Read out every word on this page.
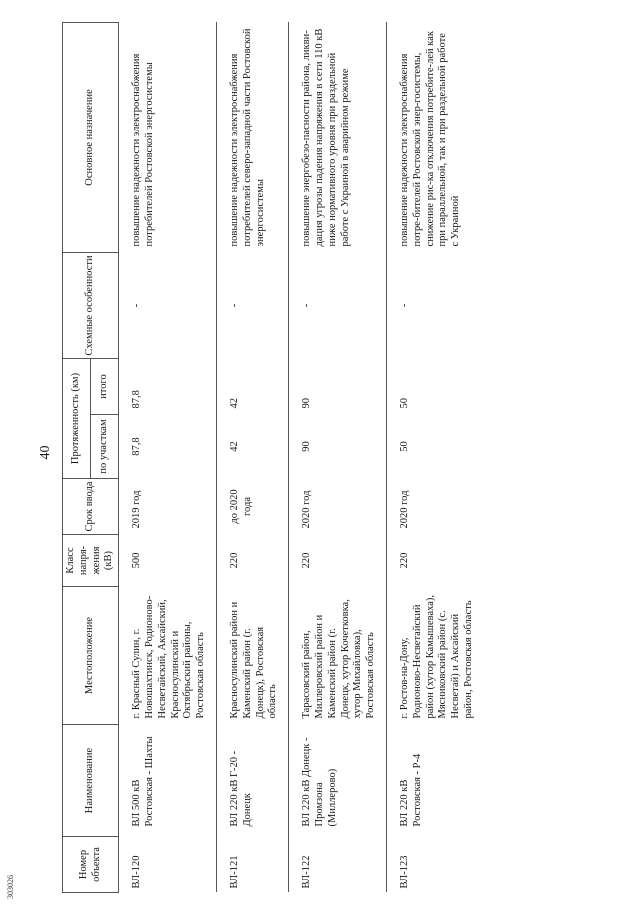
40
Номер объекта	Наименование	Местоположение	Класс напря-жения (кВ)	Срок ввода	Протяженность (км)		Схемные особенности	Основное назначение
					по участкам	итого		
ВЛ-120	ВЛ 500 кВ Ростовская - Шахты	г. Красный Сулин, г. Новошахтинск, Родионово-Несветайский, Аксайский, Красносулинский и Октябрьский районы, Ростовская область	500	2019 год	87,8	87,8	-	повышение надежности электроснабжения потребителей Ростовской энергосистемы
ВЛ-121	ВЛ 220 кВ Г-20 - Донецк	Красносулинский район и Каменский район (г. Донецк), Ростовская область	220	до 2020 года	42	42	-	повышение надежности электроснабжения потребителей северо-западной части Ростовской энергосистемы
ВЛ-122	ВЛ 220 кВ Донецк - Промзона (Миллерово)	Тарасовский район, Миллеровский район и Каменский район (г. Донецк, хутор Кочетковка, хутор Михайловка), Ростовская область	220	2020 год	90	90	-	повышение энергобезо-пасности района, ликви-дация угрозы падения напряжения в сети 110 кВ ниже нормативного уровня при раздельной работе с Украиной в аварийном режиме
ВЛ-123	ВЛ 220 кВ Ростовская - Р-4	г. Ростов-на-Дону, Родионово-Несветайский район (хутор Камышеваха), Мясниковский район (с. Несветай) и Аксайский район, Ростовская область	220	2020 год	50	50	-	повышение надежности электроснабжения потре-бителей Ростовской энер-госистемы, снижение рис-ка отключения потребите-лей как при параллельной, так и при раздельной работе с Украиной
303026
